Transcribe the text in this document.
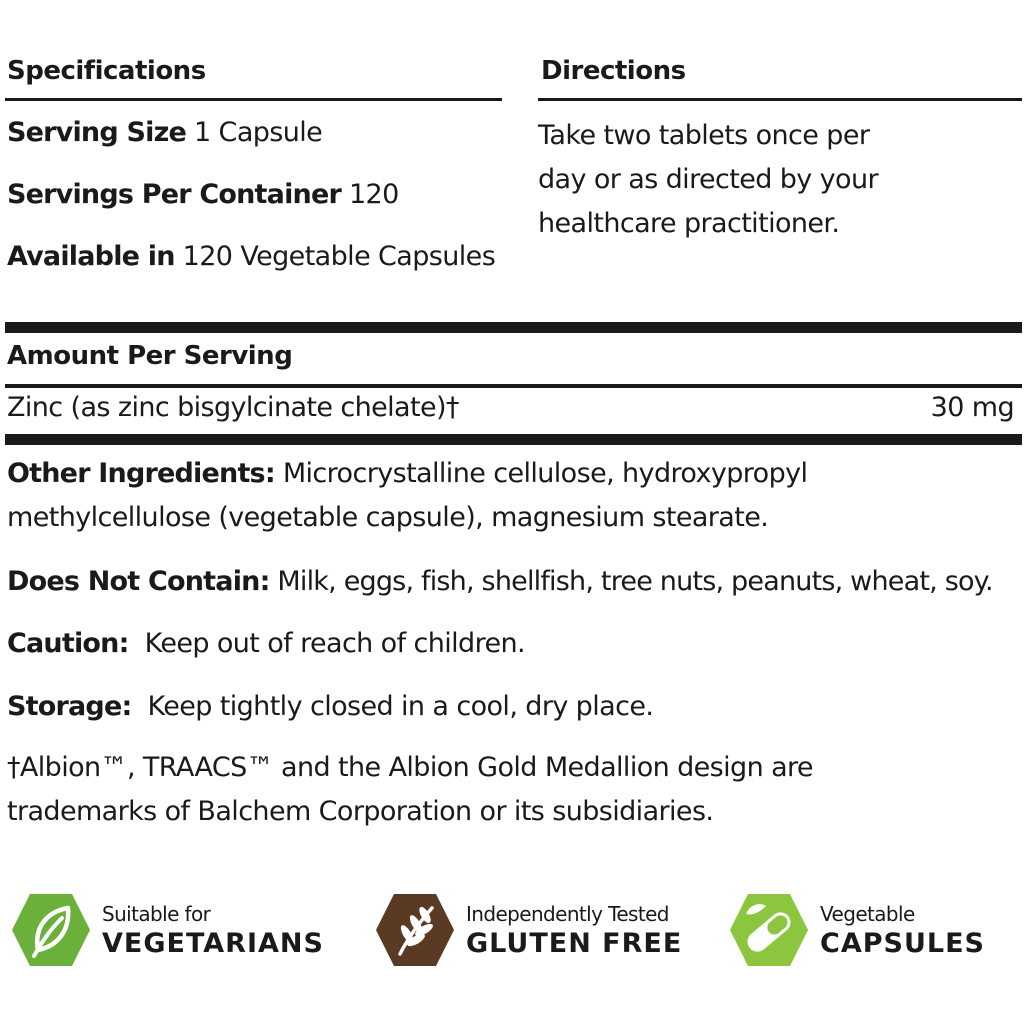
Specifications
Serving Size 1 Capsule
Servings Per Container 120
Available in 120 Vegetable Capsules
Directions
Take two tablets once per
day or as directed by your
healthcare practitioner.
Amount Per Serving
Zinc (as zinc bisgylcinate chelate)†	30 mg
Other Ingredients: Microcrystalline cellulose, hydroxypropyl
methylcellulose (vegetable capsule), magnesium stearate.
Does Not Contain: Milk, eggs, fish, shellfish, tree nuts, peanuts, wheat, soy.
Caution: Keep out of reach of children.
Storage: Keep tightly closed in a cool, dry place.
†Albion™, TRAACS™ and the Albion Gold Medallion design are
trademarks of Balchem Corporation or its subsidiaries.
Suitable for
VEGETARIANS
Independently Tested
GLUTEN FREE
Vegetable
CAPSULES
